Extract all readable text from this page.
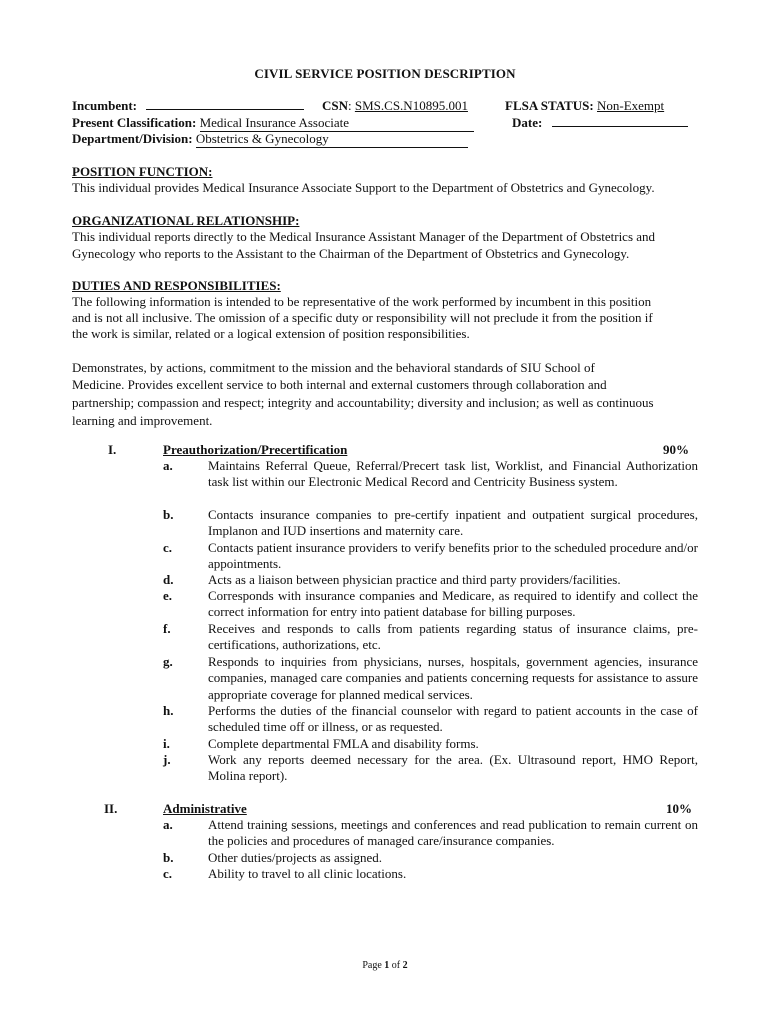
CIVIL SERVICE POSITION DESCRIPTION
Incumbent:	CSN: SMS.CS.N10895.001	FLSA STATUS: Non-Exempt
Present Classification: Medical Insurance Associate	Date:
Department/Division: Obstetrics & Gynecology
POSITION FUNCTION:
This individual provides Medical Insurance Associate Support to the Department of Obstetrics and Gynecology.
ORGANIZATIONAL RELATIONSHIP:
This individual reports directly to the Medical Insurance Assistant Manager of the Department of Obstetrics and
Gynecology who reports to the Assistant to the Chairman of the Department of Obstetrics and Gynecology.
DUTIES AND RESPONSIBILITIES:
The following information is intended to be representative of the work performed by incumbent in this position
and is not all inclusive. The omission of a specific duty or responsibility will not preclude it from the position if
the work is similar, related or a logical extension of position responsibilities.
Demonstrates, by actions, commitment to the mission and the behavioral standards of SIU School of
Medicine. Provides excellent service to both internal and external customers through collaboration and
partnership; compassion and respect; integrity and accountability; diversity and inclusion; as well as continuous
learning and improvement.
I.	Preauthorization/Precertification	90%
a.	Maintains Referral Queue, Referral/Precert task list, Worklist, and Financial Authorization task list within our Electronic Medical Record and Centricity Business system.
b.	Contacts insurance companies to pre-certify inpatient and outpatient surgical procedures, Implanon and IUD insertions and maternity care.
c.	Contacts patient insurance providers to verify benefits prior to the scheduled procedure and/or appointments.
d.	Acts as a liaison between physician practice and third party providers/facilities.
e.	Corresponds with insurance companies and Medicare, as required to identify and collect the correct information for entry into patient database for billing purposes.
f.	Receives and responds to calls from patients regarding status of insurance claims, pre-certifications, authorizations, etc.
g.	Responds to inquiries from physicians, nurses, hospitals, government agencies, insurance companies, managed care companies and patients concerning requests for assistance to assure appropriate coverage for planned medical services.
h.	Performs the duties of the financial counselor with regard to patient accounts in the case of scheduled time off or illness, or as requested.
i.	Complete departmental FMLA and disability forms.
j.	Work any reports deemed necessary for the area. (Ex. Ultrasound report, HMO Report, Molina report).
II.	Administrative	10%
a.	Attend training sessions, meetings and conferences and read publication to remain current on the policies and procedures of managed care/insurance companies.
b.	Other duties/projects as assigned.
c.	Ability to travel to all clinic locations.
Page 1 of 2
